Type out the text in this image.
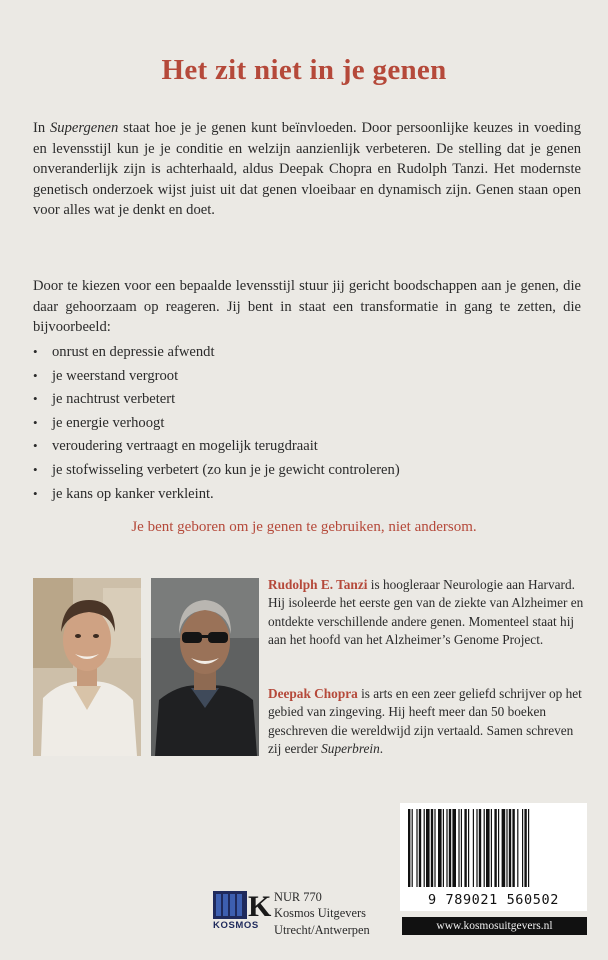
Het zit niet in je genen
In Supergenen staat hoe je je genen kunt beïnvloeden. Door persoonlijke keuzes in voeding en levensstijl kun je je conditie en welzijn aanzienlijk verbeteren. De stelling dat je genen onveranderlijk zijn is achterhaald, aldus Deepak Chopra en Rudolph Tanzi. Het modernste genetisch onderzoek wijst juist uit dat genen vloeibaar en dynamisch zijn. Genen staan open voor alles wat je denkt en doet.
Door te kiezen voor een bepaalde levensstijl stuur jij gericht boodschappen aan je genen, die daar gehoorzaam op reageren. Jij bent in staat een transformatie in gang te zetten, die bijvoorbeeld:
• onrust en depressie afwendt
• je weerstand vergroot
• je nachtrust verbetert
• je energie verhoogt
• veroudering vertraagt en mogelijk terugdraait
• je stofwisseling verbetert (zo kun je je gewicht controleren)
• je kans op kanker verkleint.
Je bent geboren om je genen te gebruiken, niet andersom.
Rudolph E. Tanzi is hoogleraar Neurologie aan Harvard. Hij isoleerde het eerste gen van de ziekte van Alzheimer en ontdekte verschillende andere genen. Momenteel staat hij aan het hoofd van het Alzheimer’s Genome Project.
Deepak Chopra is arts en een zeer geliefd schrijver op het gebied van zingeving. Hij heeft meer dan 50 boeken geschreven die wereldwijd zijn vertaald. Samen schreven zij eerder Superbrein.
K
KOSMOS
NUR 770
Kosmos Uitgevers
Utrecht/Antwerpen
9 789021 560502
www.kosmosuitgevers.nl
